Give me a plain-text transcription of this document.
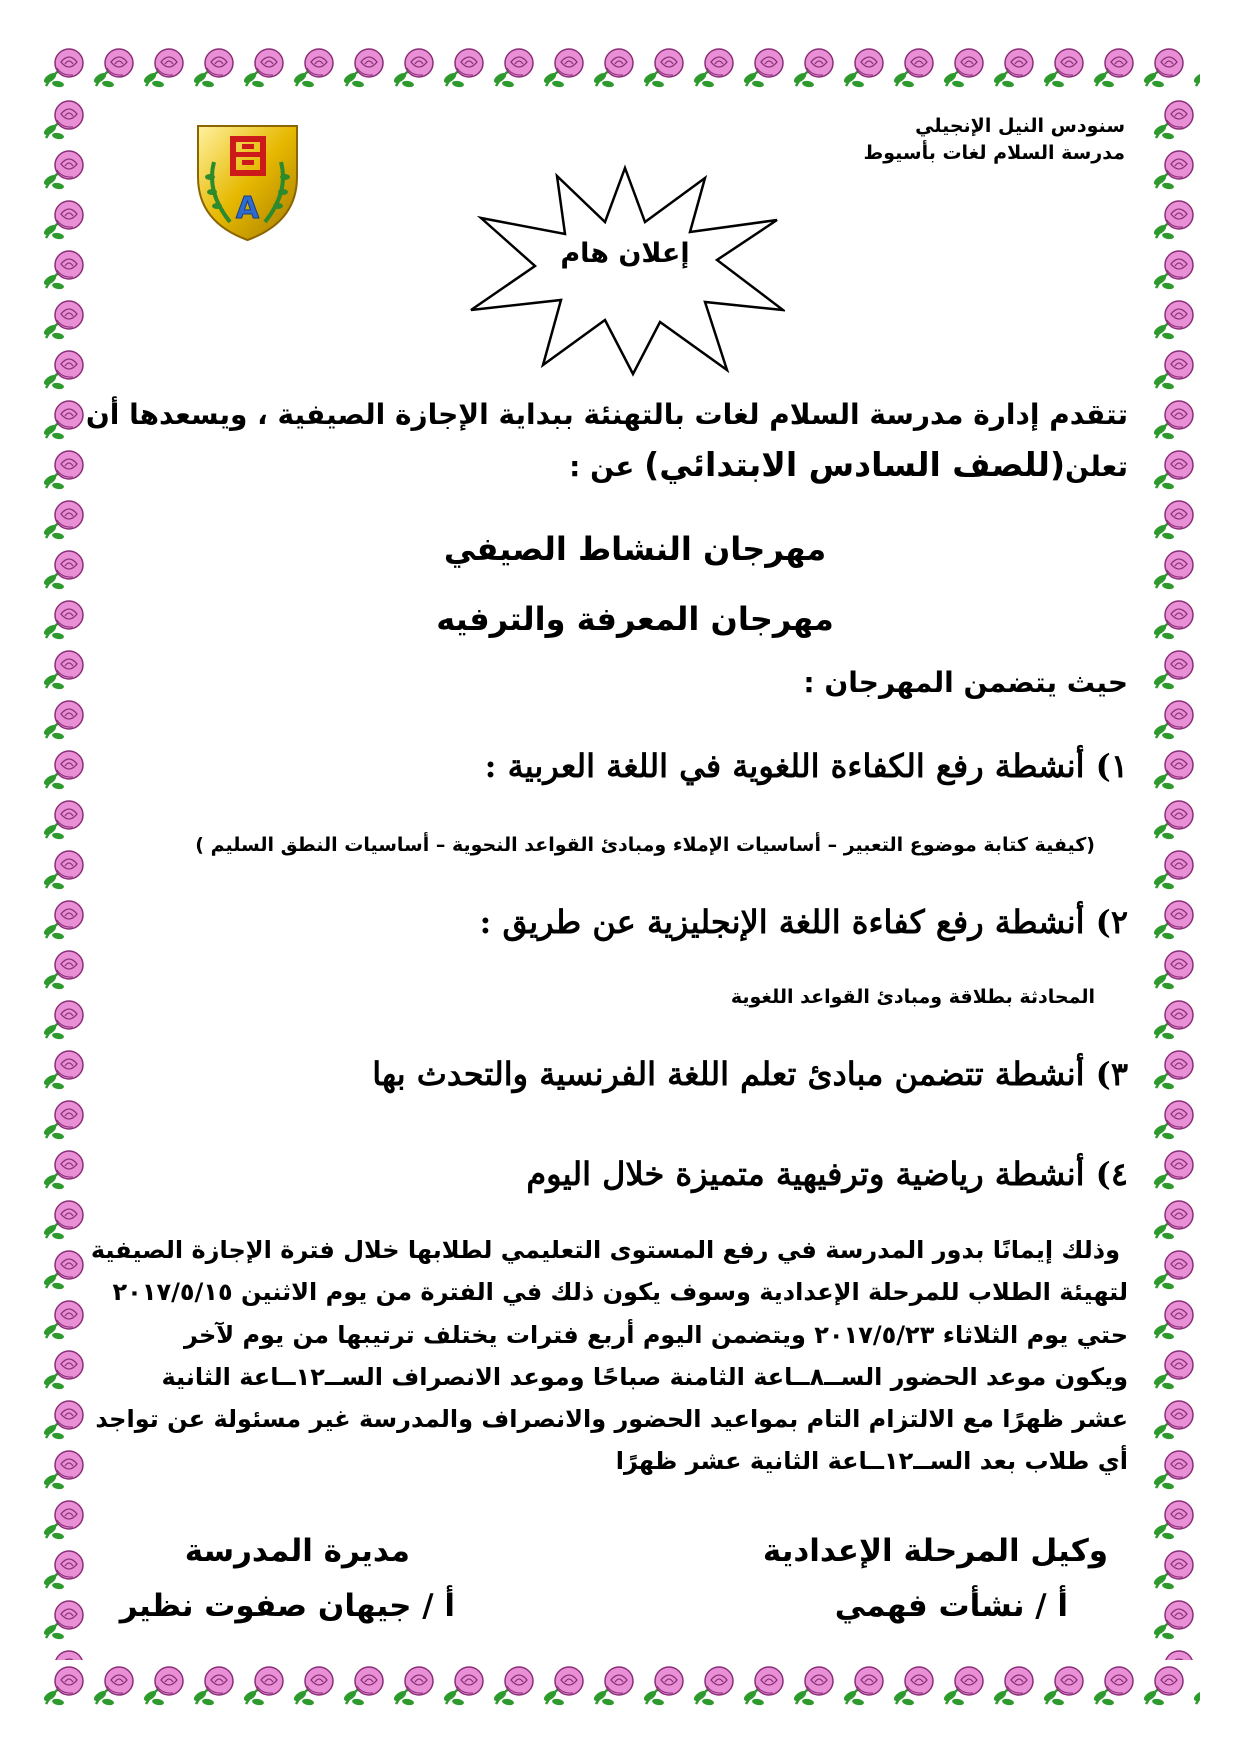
سنودس النيل الإنجيلي
مدرسة السلام لغات بأسيوط
A
إعلان هام
تتقدم إدارة مدرسة السلام لغات بالتهنئة ببداية الإجازة الصيفية ، ويسعدها أن
تعلن(للصف السادس الابتدائي) عن :
مهرجان النشاط الصيفي
مهرجان المعرفة والترفيه
حيث يتضمن المهرجان :
١) أنشطة رفع الكفاءة اللغوية في اللغة العربية :
(كيفية كتابة موضوع التعبير – أساسيات الإملاء ومبادئ القواعد النحوية – أساسيات النطق السليم )
٢) أنشطة رفع كفاءة اللغة الإنجليزية عن طريق :
المحادثة بطلاقة ومبادئ القواعد اللغوية
٣) أنشطة تتضمن مبادئ تعلم اللغة الفرنسية والتحدث بها
٤) أنشطة رياضية وترفيهية متميزة خلال اليوم
وذلك إيمانًا بدور المدرسة في رفع المستوى التعليمي لطلابها خلال فترة الإجازة الصيفية
لتهيئة الطلاب للمرحلة الإعدادية وسوف يكون ذلك في الفترة من يوم الاثنين ٢٠١٧/٥/١٥
حتي يوم الثلاثاء ٢٠١٧/٥/٢٣ ويتضمن اليوم أربع فترات يختلف ترتيبها من يوم لآخر
ويكون موعد الحضور الســ٨ــاعة الثامنة صباحًا وموعد الانصراف الســ١٢ــاعة الثانية
عشر ظهرًا مع الالتزام التام بمواعيد الحضور والانصراف والمدرسة غير مسئولة عن تواجد
أي طلاب بعد الســ١٢ــاعة الثانية عشر ظهرًا
وكيل المرحلة الإعدادية
أ / نشأت فهمي
مديرة المدرسة
أ / جيهان صفوت نظير
